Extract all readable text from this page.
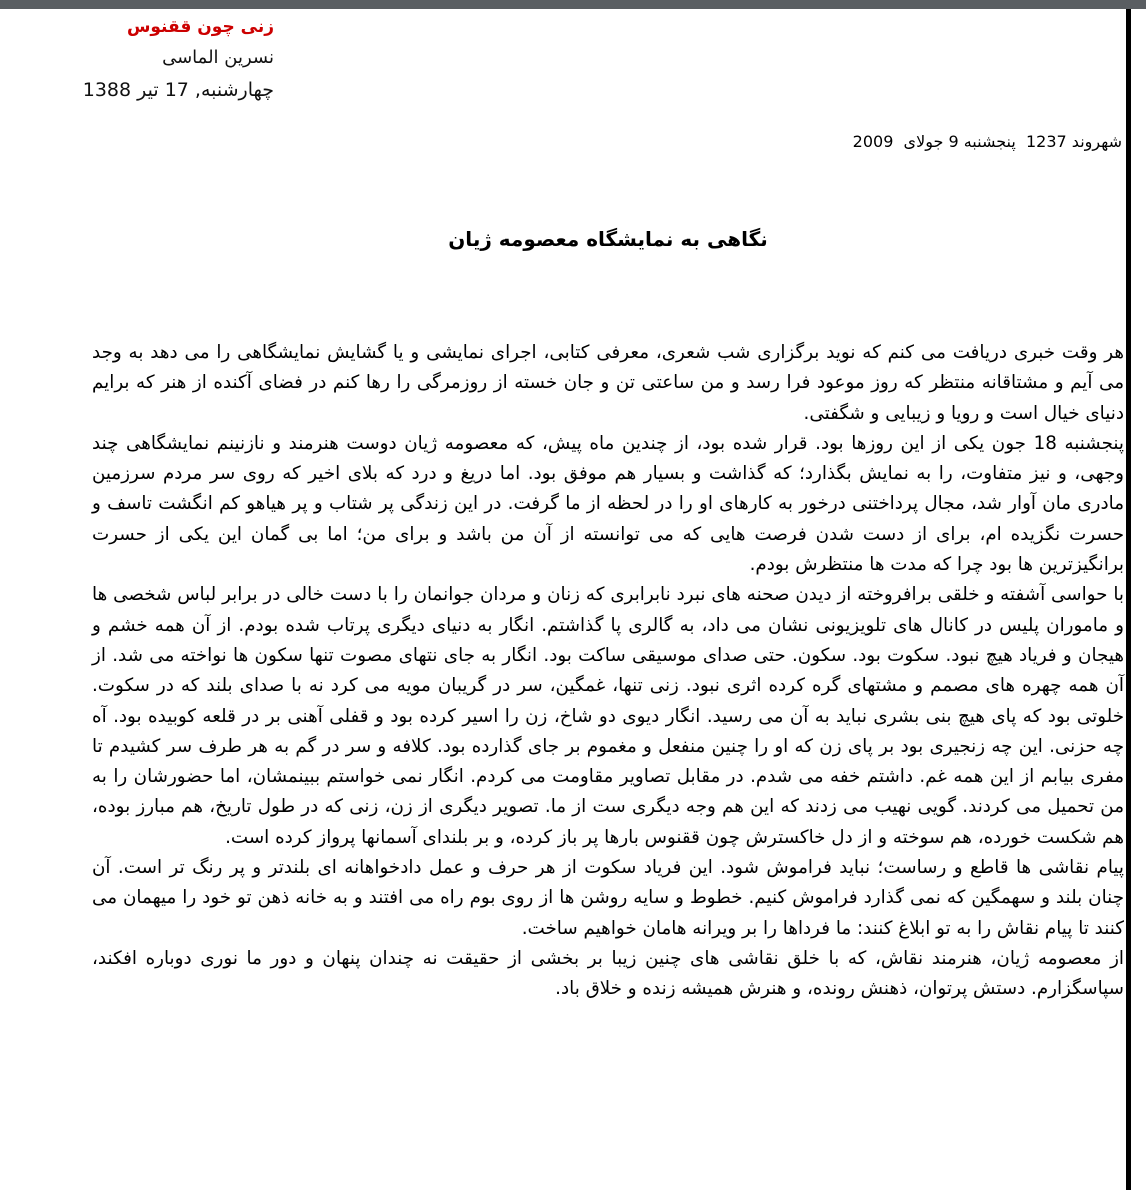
زنی چون ققنوس
نسرین الماسی
چهارشنبه, 17 تیر 1388
شهروند 1237  پنجشنبه 9 جولای  2009
نگاهی به نمایشگاه معصومه ژیان

هر وقت خبری دریافت می کنم که نوید برگزاری شب شعری، معرفی کتابی، اجرای نمایشی و یا گشایش نمایشگاهی را می دهد به وجد می آیم و مشتاقانه منتظر که روز موعود فرا رسد و من ساعتی تن و جان خسته از روزمرگی را رها کنم در فضای آکنده از هنر که برایم دنیای خیال است و رویا و زیبایی و شگفتی.

پنجشنبه 18 جون یکی از این روزها بود. قرار شده بود، از چندین ماه پیش، که معصومه ژیان دوست هنرمند و نازنینم نمایشگاهی چند وجهی، و نیز متفاوت، را به نمایش بگذارد؛ که گذاشت و بسیار هم موفق بود. اما دریغ و درد که بلای اخیر که روی سر مردم سرزمین مادری مان آوار شد، مجال پرداختنی درخور به کارهای او را در لحظه از ما گرفت. در این زندگی پر شتاب و پر هیاهو کم انگشت تاسف و حسرت نگزیده ام، برای از دست شدن فرصت هایی که می توانسته از آن من باشد و برای من؛ اما بی گمان این یکی از حسرت برانگیزترین ها بود چرا که مدت ها منتظرش بودم.

با حواسی آشفته و خلقی برافروخته از دیدن صحنه های نبرد نابرابری که زنان و مردان جوانمان را با دست خالی در برابر لباس شخصی ها و ماموران پلیس در کانال های تلویزیونی نشان می داد، به گالری پا گذاشتم. انگار به دنیای دیگری پرتاب شده بودم. از آن همه خشم و هیجان و فریاد هیچ نبود. سکوت بود. سکون. حتی صدای موسیقی ساکت بود. انگار به جای نتهای مصوت تنها سکون ها نواخته می شد. از آن همه چهره های مصمم و مشتهای گره کرده اثری نبود. زنی تنها، غمگین، سر در گریبان مویه می کرد نه با صدای بلند که در سکوت. خلوتی بود که پای هیچ بنی بشری نباید به آن می رسید. انگار دیوی دو شاخ، زن را اسیر کرده بود و قفلی آهنی بر در قلعه کوبیده بود. آه چه حزنی. این چه زنجیری بود بر پای زن که او را چنین منفعل و مغموم بر جای گذارده بود. کلافه و سر در گم به هر طرف سر کشیدم تا مفری بیابم از این همه غم. داشتم خفه می شدم. در مقابل تصاویر مقاومت می کردم. انگار نمی خواستم ببینمشان، اما حضورشان را به من تحمیل می کردند. گویی نهیب می زدند که این هم وجه دیگری ست از ما. تصویر دیگری از زن، زنی که در طول تاریخ، هم مبارز بوده، هم شکست خورده، هم سوخته و از دل خاکسترش چون ققنوس بارها پر باز کرده، و بر بلندای آسمانها پرواز کرده است.

پیام نقاشی ها قاطع و رساست؛ نباید فراموش شود. این فریاد سکوت از هر حرف و عمل دادخواهانه ای بلندتر و پر رنگ تر است. آن چنان بلند و سهمگین که نمی گذارد فراموش کنیم. خطوط و سایه روشن ها از روی بوم راه می افتند و به خانه ذهن تو خود را میهمان می کنند تا پیام نقاش را به تو ابلاغ کنند: ما فرداها را بر ویرانه هامان خواهیم ساخت.

از معصومه ژیان، هنرمند نقاش، که با خلق نقاشی های چنین زیبا بر بخشی از حقیقت نه چندان پنهان و دور ما نوری دوباره افکند، سپاسگزارم. دستش پرتوان، ذهنش رونده، و هنرش همیشه زنده و خلاق باد.
